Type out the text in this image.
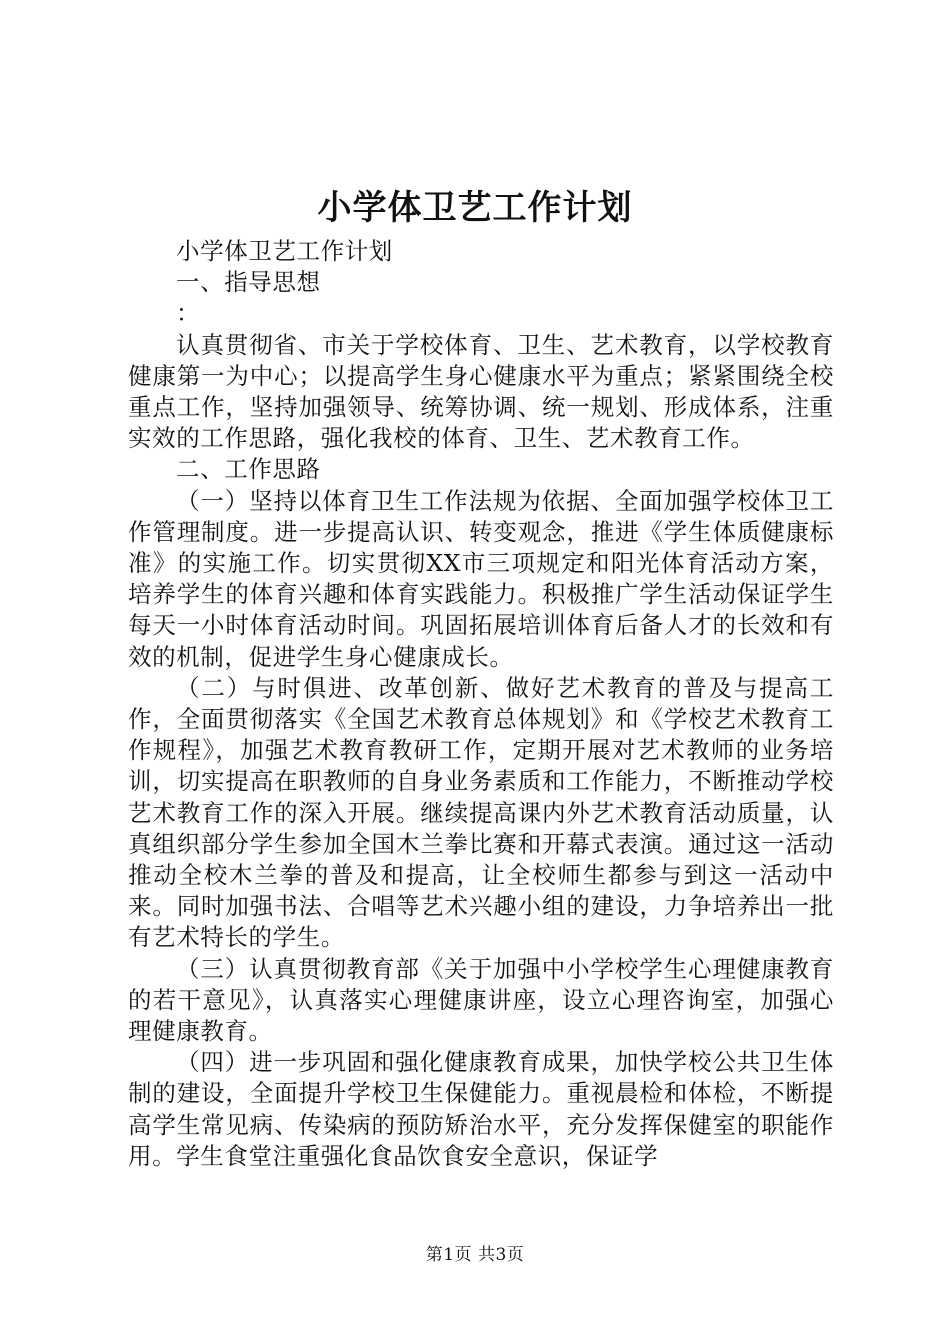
小学体卫艺工作计划

小学体卫艺工作计划

一、指导思想

：

认真贯彻省、市关于学校体育、卫生、艺术教育，以学校教育健康第一为中心；以提高学生身心健康水平为重点；紧紧围绕全校重点工作，坚持加强领导、统筹协调、统一规划、形成体系，注重实效的工作思路，强化我校的体育、卫生、艺术教育工作。

二、工作思路

（一）坚持以体育卫生工作法规为依据、全面加强学校体卫工作管理制度。进一步提高认识、转变观念，推进《学生体质健康标准》的实施工作。切实贯彻XX市三项规定和阳光体育活动方案，培养学生的体育兴趣和体育实践能力。积极推广学生活动保证学生每天一小时体育活动时间。巩固拓展培训体育后备人才的长效和有效的机制，促进学生身心健康成长。

（二）与时俱进、改革创新、做好艺术教育的普及与提高工作，全面贯彻落实《全国艺术教育总体规划》和《学校艺术教育工作规程》，加强艺术教育教研工作，定期开展对艺术教师的业务培训，切实提高在职教师的自身业务素质和工作能力，不断推动学校艺术教育工作的深入开展。继续提高课内外艺术教育活动质量，认真组织部分学生参加全国木兰拳比赛和开幕式表演。通过这一活动推动全校木兰拳的普及和提高，让全校师生都参与到这一活动中来。同时加强书法、合唱等艺术兴趣小组的建设，力争培养出一批有艺术特长的学生。

（三）认真贯彻教育部《关于加强中小学校学生心理健康教育的若干意见》，认真落实心理健康讲座，设立心理咨询室，加强心理健康教育。

（四）进一步巩固和强化健康教育成果，加快学校公共卫生体制的建设，全面提升学校卫生保健能力。重视晨检和体检，不断提高学生常见病、传染病的预防矫治水平，充分发挥保健室的职能作用。学生食堂注重强化食品饮食安全意识，保证学

第1页 共3页
